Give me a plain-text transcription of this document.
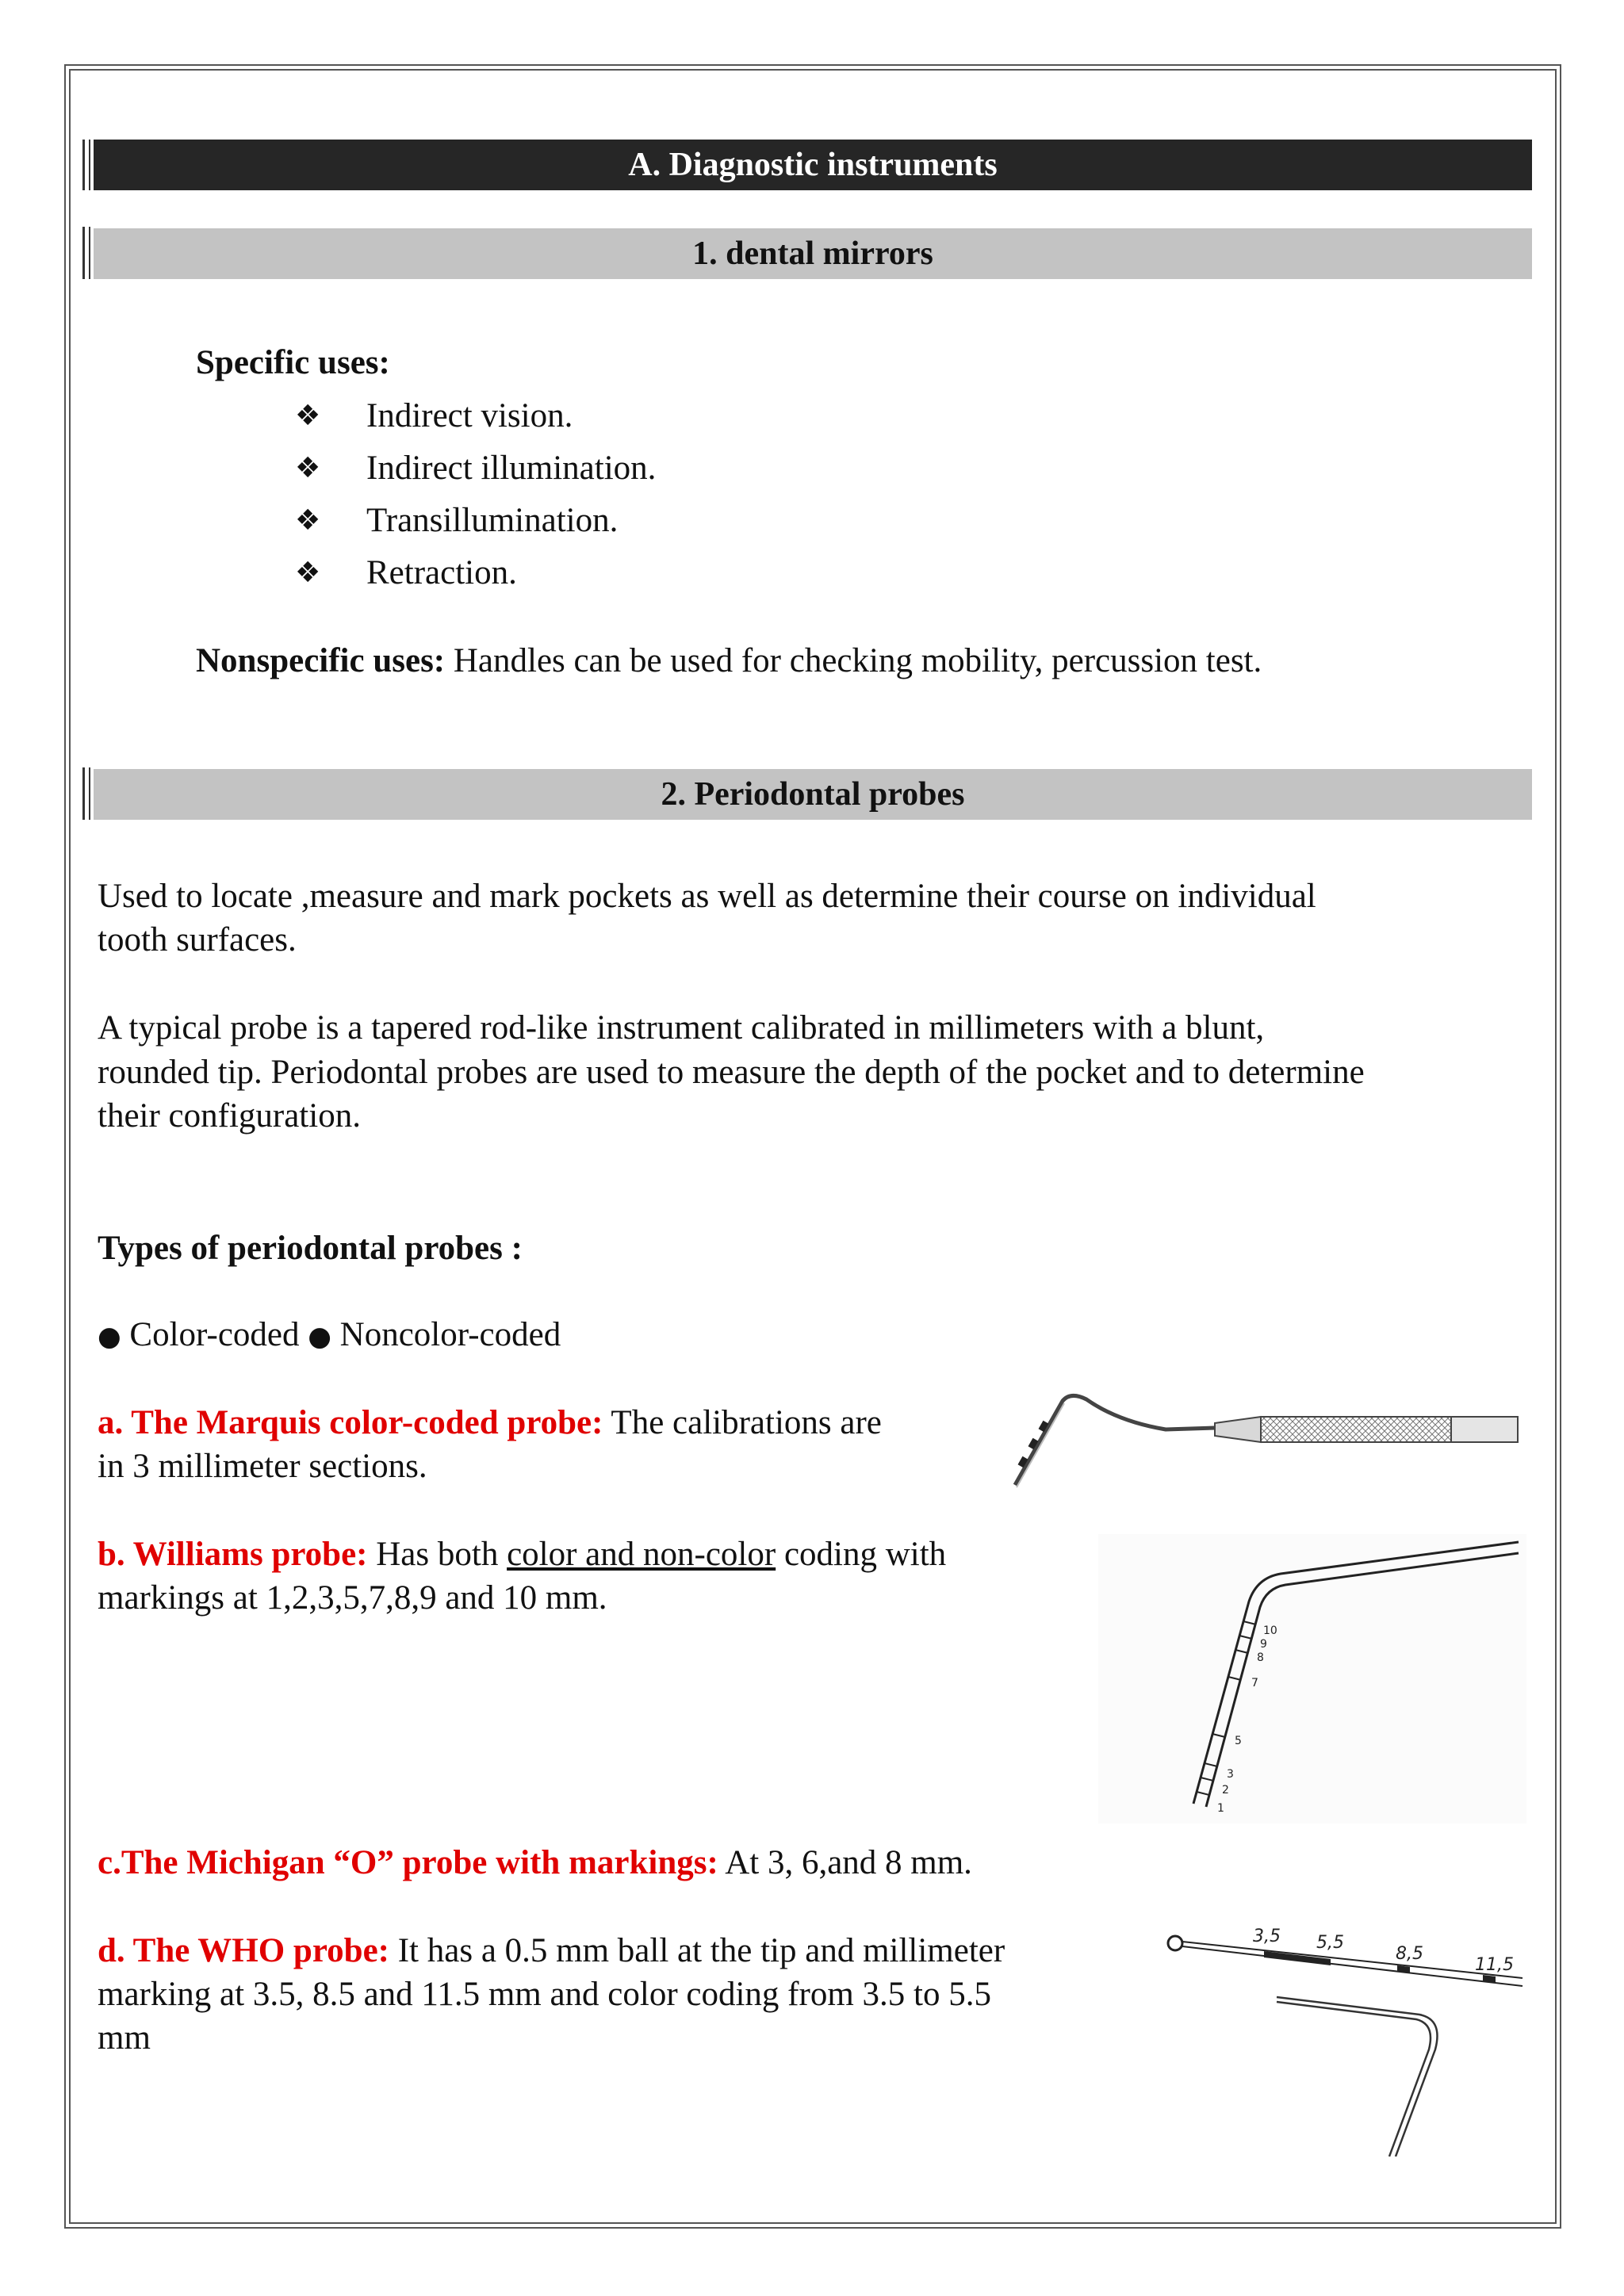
A. Diagnostic instruments
1. dental mirrors
Specific uses:
❖ Indirect vision.
❖ Indirect illumination.
❖ Transillumination.
❖ Retraction.
Nonspecific uses: Handles can be used for checking mobility, percussion test.
2. Periodontal probes
Used to locate ,measure and mark pockets as well as determine their course on individual
tooth surfaces.
A typical probe is a tapered rod-like instrument calibrated in millimeters with a blunt,
rounded tip. Periodontal probes are used to measure the depth of the pocket and to determine
their configuration.
Types of periodontal probes :
● Color-coded ● Noncolor-coded
a. The Marquis color-coded probe: The calibrations are
in 3 millimeter sections.
b. Williams probe: Has both color and non-color coding with
markings at 1,2,3,5,7,8,9 and 10 mm.
c.The Michigan “O” probe with markings: At 3, 6,and 8 mm.
d. The WHO probe: It has a 0.5 mm ball at the tip and millimeter
marking at 3.5, 8.5 and 11.5 mm and color coding from 3.5 to 5.5
mm
1
2
3
5
7
8
9
10
3,5 5,5
8,5
11,5
